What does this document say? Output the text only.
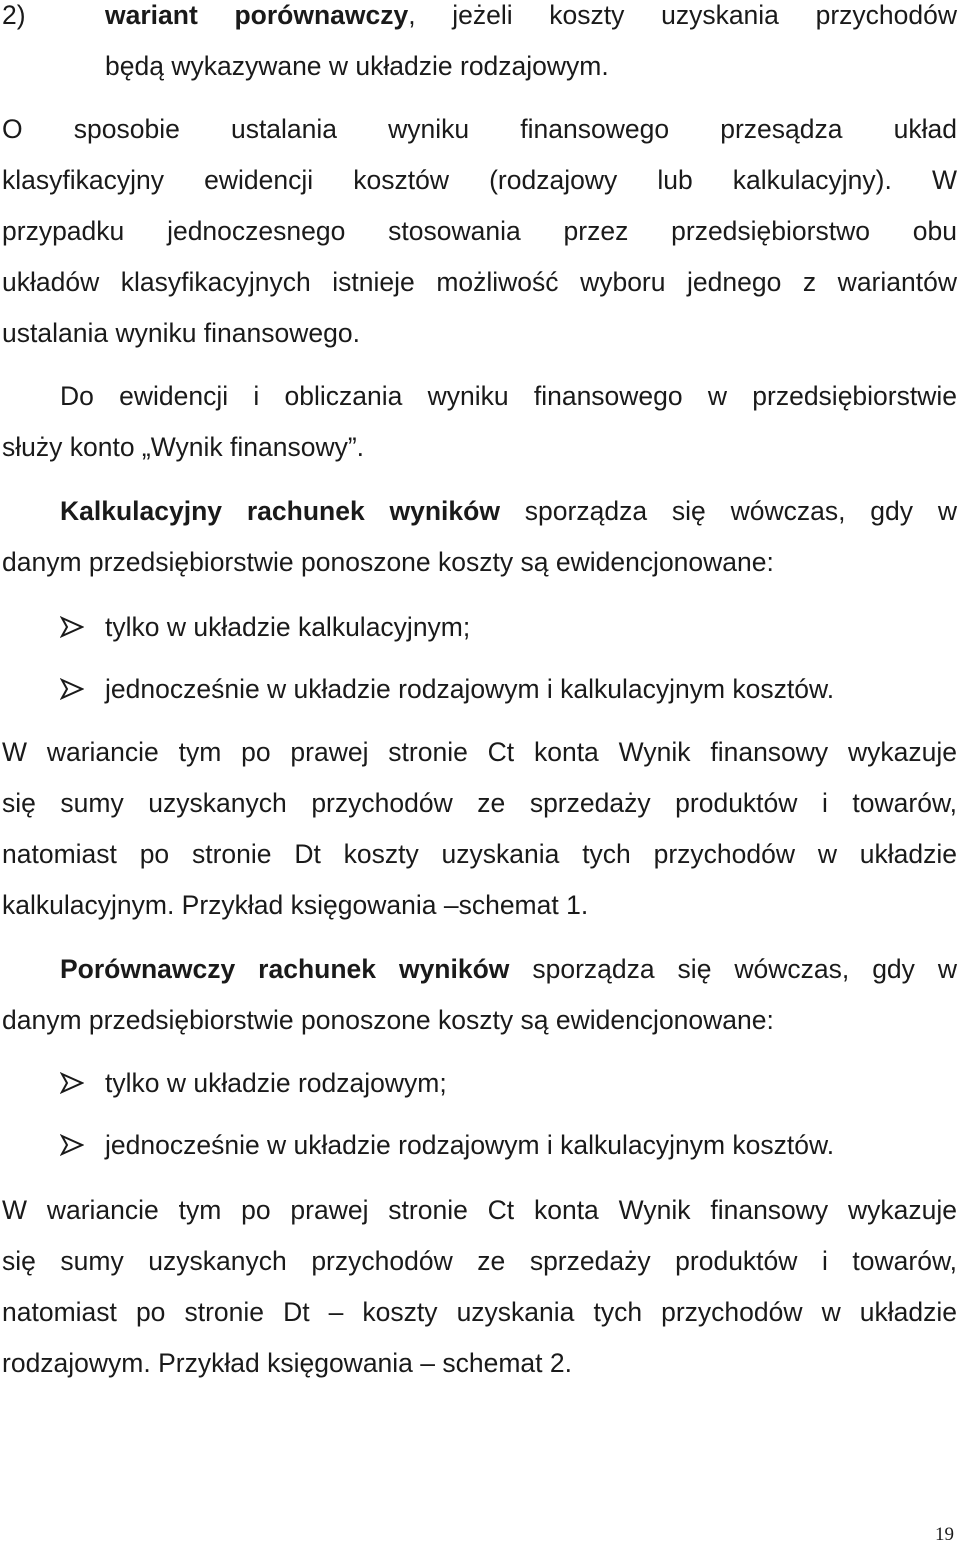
2)	wariant porównawczy, jeżeli koszty uzyskania przychodów
będą wykazywane w układzie rodzajowym.
O sposobie ustalania wyniku finansowego przesądza układ
klasyfikacyjny ewidencji kosztów (rodzajowy lub kalkulacyjny). W
przypadku jednoczesnego stosowania przez przedsiębiorstwo obu
układów klasyfikacyjnych istnieje możliwość wyboru jednego z wariantów
ustalania wyniku finansowego.
Do ewidencji i obliczania wyniku finansowego w przedsiębiorstwie
służy konto „Wynik finansowy”.
Kalkulacyjny rachunek wyników sporządza się wówczas, gdy w
danym przedsiębiorstwie ponoszone koszty są ewidencjonowane:
tylko w układzie kalkulacyjnym;
jednocześnie w układzie rodzajowym i kalkulacyjnym kosztów.
W wariancie tym po prawej stronie Ct konta Wynik finansowy wykazuje
się sumy uzyskanych przychodów ze sprzedaży produktów i towarów,
natomiast po stronie Dt koszty uzyskania tych przychodów w układzie
kalkulacyjnym. Przykład księgowania –schemat 1.
Porównawczy rachunek wyników sporządza się wówczas, gdy w
danym przedsiębiorstwie ponoszone koszty są ewidencjonowane:
tylko w układzie rodzajowym;
jednocześnie w układzie rodzajowym i kalkulacyjnym kosztów.
W wariancie tym po prawej stronie Ct konta Wynik finansowy wykazuje
się sumy uzyskanych przychodów ze sprzedaży produktów i towarów,
natomiast po stronie Dt – koszty uzyskania tych przychodów w układzie
rodzajowym. Przykład księgowania – schemat 2.
19
